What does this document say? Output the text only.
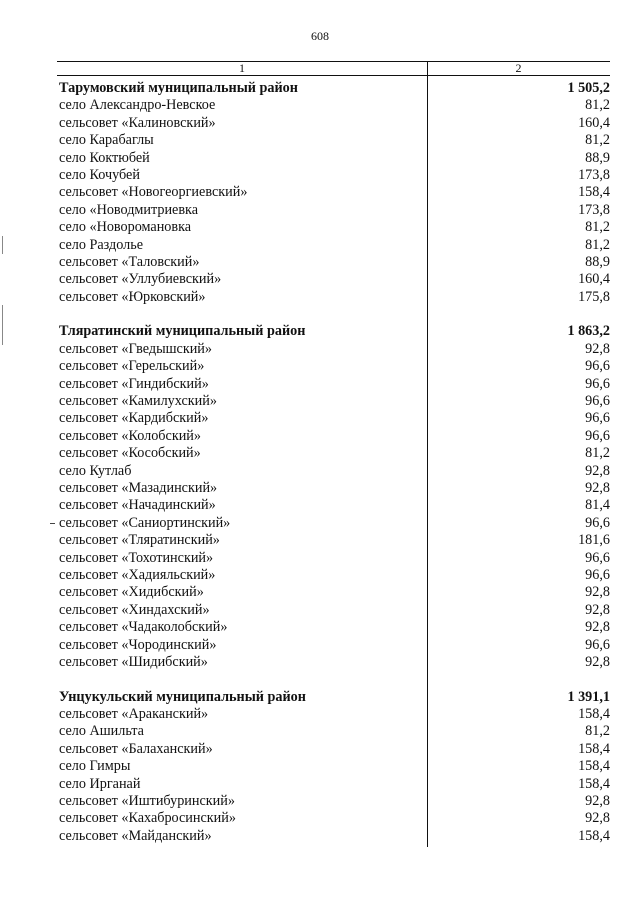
608
1	2
Тарумовский муниципальный район	1 505,2
село Александро-Невское	81,2
сельсовет «Калиновский»	160,4
село Карабаглы	81,2
село Коктюбей	88,9
село Кочубей	173,8
сельсовет «Новогеоргиевский»	158,4
село «Новодмитриевка	173,8
село «Новоромановка	81,2
село Раздолье	81,2
сельсовет «Таловский»	88,9
сельсовет «Уллубиевский»	160,4
сельсовет «Юрковский»	175,8
Тляратинский муниципальный район	1 863,2
сельсовет «Гведышский»	92,8
сельсовет «Герельский»	96,6
сельсовет «Гиндибский»	96,6
сельсовет «Камилухский»	96,6
сельсовет «Кардибский»	96,6
сельсовет «Колобский»	96,6
сельсовет «Кособский»	81,2
село Кутлаб	92,8
сельсовет «Мазадинский»	92,8
сельсовет «Начадинский»	81,4
сельсовет «Саниортинский»	96,6
сельсовет «Тляратинский»	181,6
сельсовет «Тохотинский»	96,6
сельсовет «Хадияльский»	96,6
сельсовет «Хидибский»	92,8
сельсовет «Хиндахский»	92,8
сельсовет «Чадаколобский»	92,8
сельсовет «Чородинский»	96,6
сельсовет «Шидибский»	92,8
Унцукульский муниципальный район	1 391,1
сельсовет «Араканский»	158,4
село Ашильта	81,2
сельсовет «Балаханский»	158,4
село Гимры	158,4
село Ирганай	158,4
сельсовет «Иштибуринский»	92,8
сельсовет «Кахабросинский»	92,8
сельсовет «Майданский»	158,4
